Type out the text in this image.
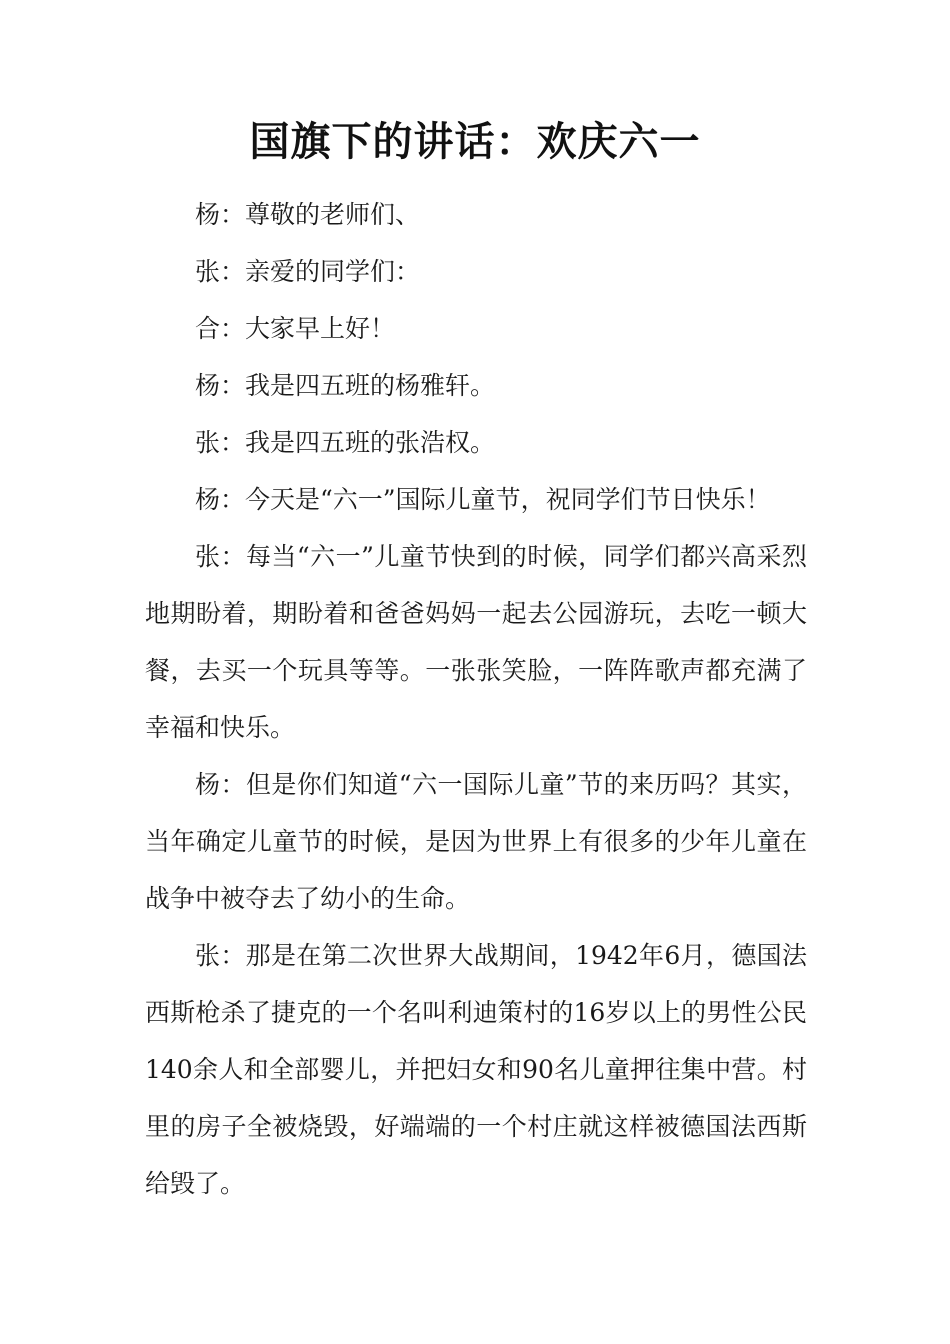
国旗下的讲话：欢庆六一

杨：尊敬的老师们、

张：亲爱的同学们：

合：大家早上好！

杨：我是四五班的杨雅轩。

张：我是四五班的张浩权。

杨：今天是“六一”国际儿童节，祝同学们节日快乐！

张：每当“六一”儿童节快到的时候，同学们都兴高采烈地期盼着，期盼着和爸爸妈妈一起去公园游玩，去吃一顿大餐，去买一个玩具等等。一张张笑脸，一阵阵歌声都充满了幸福和快乐。

杨：但是你们知道“六一国际儿童”节的来历吗？其实，当年确定儿童节的时候，是因为世界上有很多的少年儿童在战争中被夺去了幼小的生命。

张：那是在第二次世界大战期间，1942年6月，德国法西斯枪杀了捷克的一个名叫利迪策村的16岁以上的男性公民140余人和全部婴儿，并把妇女和90名儿童押往集中营。村里的房子全被烧毁，好端端的一个村庄就这样被德国法西斯给毁了。
